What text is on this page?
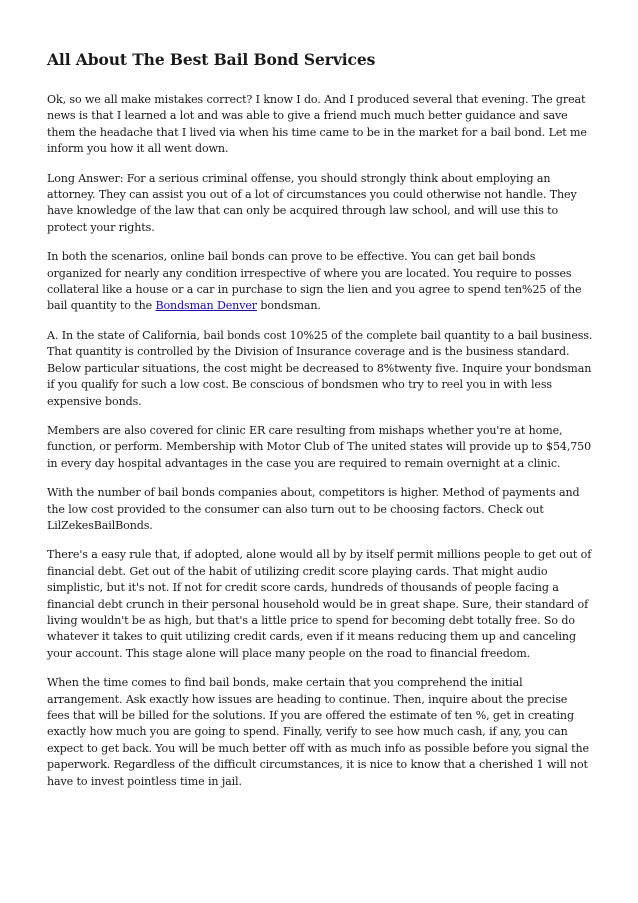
All About The Best Bail Bond Services

Ok, so we all make mistakes correct? I know I do. And I produced several that evening. The great news is that I learned a lot and was able to give a friend much much better guidance and save them the headache that I lived via when his time came to be in the market for a bail bond. Let me inform you how it all went down.

Long Answer: For a serious criminal offense, you should strongly think about employing an attorney. They can assist you out of a lot of circumstances you could otherwise not handle. They have knowledge of the law that can only be acquired through law school, and will use this to protect your rights.

In both the scenarios, online bail bonds can prove to be effective. You can get bail bonds organized for nearly any condition irrespective of where you are located. You require to posses collateral like a house or a car in purchase to sign the lien and you agree to spend ten%25 of the bail quantity to the Bondsman Denver bondsman.

A. In the state of California, bail bonds cost 10%25 of the complete bail quantity to a bail business. That quantity is controlled by the Division of Insurance coverage and is the business standard. Below particular situations, the cost might be decreased to 8%twenty five. Inquire your bondsman if you qualify for such a low cost. Be conscious of bondsmen who try to reel you in with less expensive bonds.

Members are also covered for clinic ER care resulting from mishaps whether you're at home, function, or perform. Membership with Motor Club of The united states will provide up to $54,750 in every day hospital advantages in the case you are required to remain overnight at a clinic.

With the number of bail bonds companies about, competitors is higher. Method of payments and the low cost provided to the consumer can also turn out to be choosing factors. Check out LilZekesBailBonds.

There's a easy rule that, if adopted, alone would all by by itself permit millions people to get out of financial debt. Get out of the habit of utilizing credit score playing cards. That might audio simplistic, but it's not. If not for credit score cards, hundreds of thousands of people facing a financial debt crunch in their personal household would be in great shape. Sure, their standard of living wouldn't be as high, but that's a little price to spend for becoming debt totally free. So do whatever it takes to quit utilizing credit cards, even if it means reducing them up and canceling your account. This stage alone will place many people on the road to financial freedom.

When the time comes to find bail bonds, make certain that you comprehend the initial arrangement. Ask exactly how issues are heading to continue. Then, inquire about the precise fees that will be billed for the solutions. If you are offered the estimate of ten %, get in creating exactly how much you are going to spend. Finally, verify to see how much cash, if any, you can expect to get back. You will be much better off with as much info as possible before you signal the paperwork. Regardless of the difficult circumstances, it is nice to know that a cherished 1 will not have to invest pointless time in jail.
